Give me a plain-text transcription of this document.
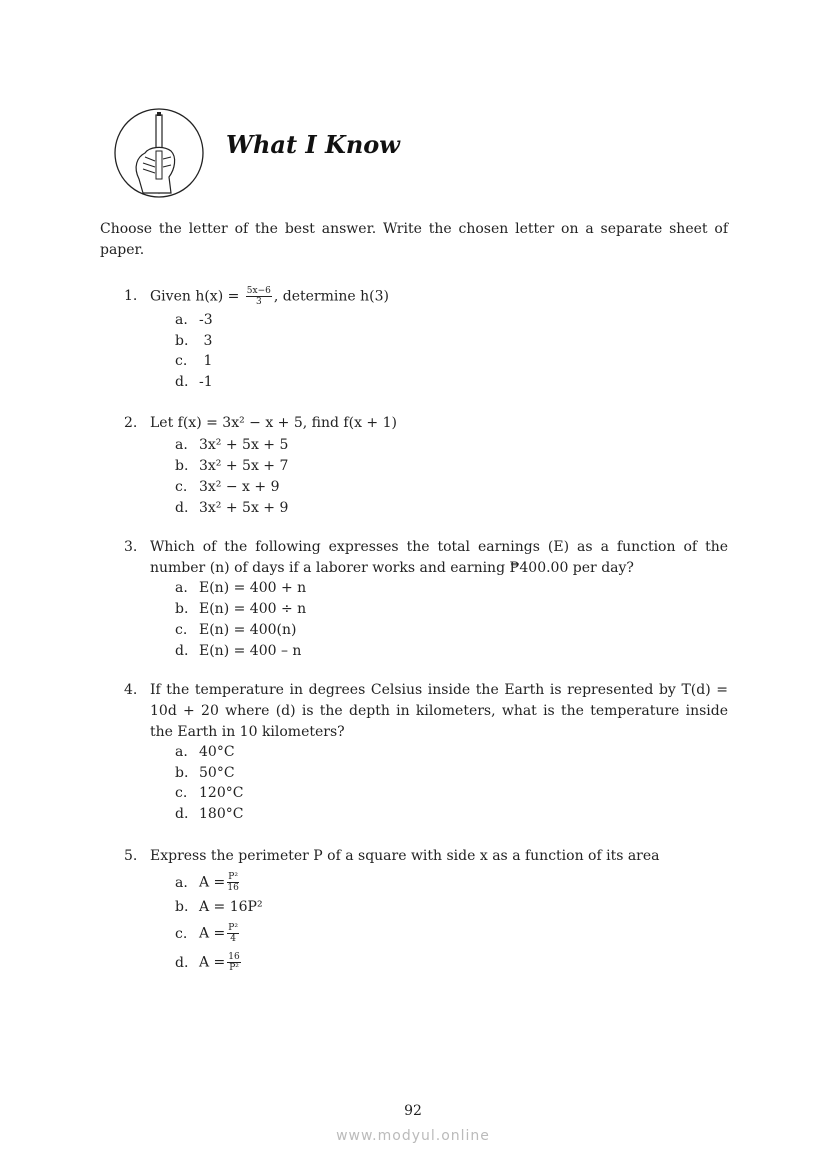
What I Know
Choose the letter of the best answer. Write the chosen letter on a separate sheet of paper.
1. Given $h(x) = \frac{5x-6}{3}$ , determine h(3)
a. -3
b. 3
c. 1
d. -1
2. Let f(x) = 3x² − x + 5, find f(x + 1)
a. 3x² + 5x + 5
b. 3x² + 5x + 7
c. 3x² − x + 9
d. 3x² + 5x + 9
3. Which of the following expresses the total earnings (E) as a function of the number (n) of days if a laborer works and earning ₱400.00 per day?
a. E(n) = 400 + n
b. E(n) = 400 ÷ n
c. E(n) = 400(n)
d. E(n) = 400 – n
4. If the temperature in degrees Celsius inside the Earth is represented by T(d) = 10d + 20 where (d) is the depth in kilometers, what is the temperature inside the Earth in 10 kilometers?
a. 40°C
b. 50°C
c. 120°C
d. 180°C
5. Express the perimeter P of a square with side x as a function of its area
a. $A = \frac{\text{P²}}{16}$
b. A = 16P²
c. $A = \frac{\text{P²}}{4}$
d. $A = \frac{16}{\text{P²}}$
92
www.modyul.online
